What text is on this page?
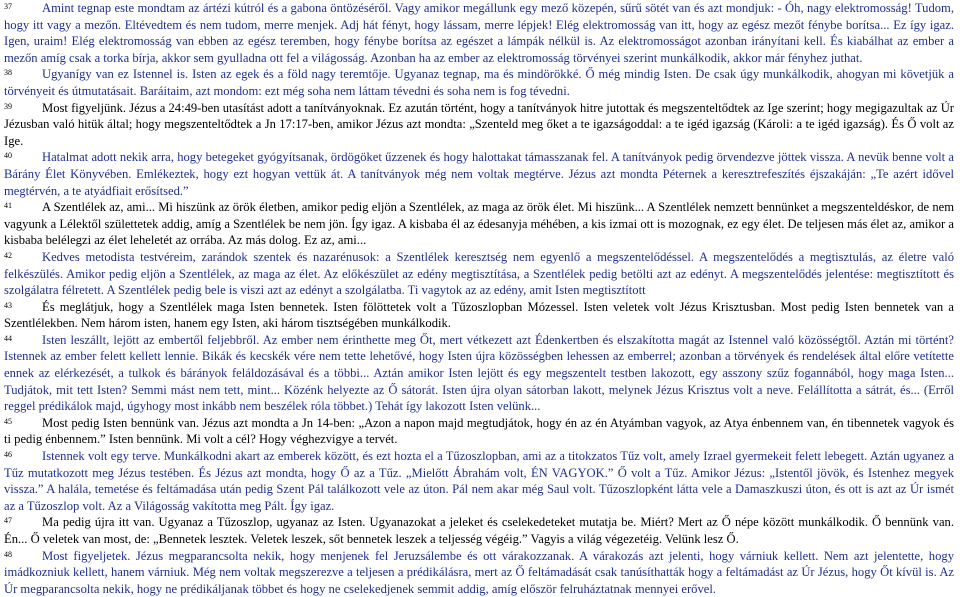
37 Amint tegnap este mondtam az ártézi kútról és a gabona öntözéséről. Vagy amikor megállunk egy mező közepén, sűrű sötét van és azt mondjuk: - Óh, nagy elektromosság! Tudom, hogy itt vagy a mezőn. Eltévedtem és nem tudom, merre menjek. Adj hát fényt, hogy lássam, merre lépjek! Elég elektromosság van itt, hogy az egész mezőt fénybe borítsa... Ez így igaz. Igen, uraim! Elég elektromosság van ebben az egész teremben, hogy fénybe borítsa az egészet a lámpák nélkül is. Az elektromosságot azonban irányítani kell. És kiabálhat az ember a mezőn amíg csak a torka bírja, akkor sem gyulladna ott fel a világosság. Azonban ha az ember az elektromosság törvényei szerint munkálkodik, akkor már fényhez juthat.

38 Ugyanígy van ez Istennel is. Isten az egek és a föld nagy teremtője. Ugyanaz tegnap, ma és mindörökké. Ő még mindig Isten. De csak úgy munkálkodik, ahogyan mi követjük a törvényeit és útmutatásait. Baráitaim, azt mondom: ezt még soha nem láttam tévedni és soha nem is fog tévedni.

39 Most figyeljünk. Jézus a 24:49-ben utasítást adott a tanítványoknak. Ez azután történt, hogy a tanítványok hitre jutottak és megszenteltődtek az Ige szerint; hogy megigazultak az Úr Jézusban való hitük által; hogy megszenteltődtek a Jn 17:17-ben, amikor Jézus azt mondta: „Szenteld meg őket a te igazságoddal: a te igéd igazság (Károli: a te igéd igazság). És Ő volt az Ige.

40 Hatalmat adott nekik arra, hogy betegeket gyógyítsanak, ördögöket űzzenek és hogy halottakat támasszanak fel. A tanítványok pedig örvendezve jöttek vissza. A nevük benne volt a Bárány Élet Könyvében. Emlékeztek, hogy ezt hogyan vettük át. A tanítványok még nem voltak megtérve. Jézus azt mondta Péternek a keresztrefeszítés éjszakáján: „Te azért idővel megtérvén, a te atyádfiait erősítsed.”

41 A Szentlélek az, ami... Mi hiszünk az örök életben, amikor pedig eljön a Szentlélek, az maga az örök élet. Mi hiszünk... A Szentlélek nemzett bennünket a megszenteldéskor, de nem vagyunk a Lélektől születtetek addig, amíg a Szentlélek be nem jön. Így igaz. A kisbaba él az édesanyja méhében, a kis izmai ott is mozognak, ez egy élet. De teljesen más élet az, amikor a kisbaba belélegzi az élet leheletét az orrába. Az más dolog. Ez az, ami...

42 Kedves metodista testvéreim, zarándok szentek és nazarénusok: a Szentlélek keresztség nem egyenlő a megszentelődéssel. A megszentelődés a megtisztulás, az életre való felkészülés. Amikor pedig eljön a Szentlélek, az maga az élet. Az előkészület az edény megtisztítása, a Szentlélek pedig betölti azt az edényt. A megszentelődés jelentése: megtisztított és szolgálatra félretett. A Szentlélek pedig bele is viszi azt az edényt a szolgálatba. Ti vagytok az az edény, amit Isten megtisztított

43 És meglátjuk, hogy a Szentlélek maga Isten bennetek. Isten fölöttetek volt a Tűzoszlopban Mózessel. Isten veletek volt Jézus Krisztusban. Most pedig Isten bennetek van a Szentlélekben. Nem három isten, hanem egy Isten, aki három tisztségében munkálkodik.

44 Isten leszállt, lejött az embertől feljebbről. Az ember nem érinthette meg Őt, mert vétkezett azt Édenkertben és elszakította magát az Istennel való közösségtől. Aztán mi történt? Istennek az ember felett kellett lennie. Bikák és kecskék vére nem tette lehetővé, hogy Isten újra közösségben lehessen az emberrel; azonban a törvények és rendelések által előre vetítette ennek az elérkezését, a tulkok és bárányok feláldozásával és a többi... Aztán amikor Isten lejött és egy megszentelt testben lakozott, egy asszony szűz fogannából, hogy maga Isten... Tudjátok, mit tett Isten? Semmi mást nem tett, mint... Közénk helyezte az Ő sátorát. Isten újra olyan sátorban lakott, melynek Jézus Krisztus volt a neve. Felállította a sátrát, és... (Erről reggel prédikálok majd, úgyhogy most inkább nem beszélek róla többet.) Tehát így lakozott Isten velünk...

45 Most pedig Isten bennünk van. Jézus azt mondta a Jn 14-ben: „Azon a napon majd megtudjátok, hogy én az én Atyámban vagyok, az Atya énbennem van, én tibennetek vagyok és ti pedig énbennem.” Isten bennünk. Mi volt a cél? Hogy véghezvigye a tervét.

46 Istennek volt egy terve. Munkálkodni akart az emberek között, és ezt hozta el a Tűzoszlopban, ami az a titokzatos Tűz volt, amely Izrael gyermekeit felett lebegett. Aztán ugyanez a Tűz mutatkozott meg Jézus testében. És Jézus azt mondta, hogy Ő az a Tűz. „Mielőtt Ábrahám volt, ÉN VAGYOK.” Ő volt a Tűz. Amikor Jézus: „Istentől jövök, és Istenhez megyek vissza.” A halála, temetése és feltámadása után pedig Szent Pál találkozott vele az úton. Pál nem akar még Saul volt. Tűzoszlopként látta vele a Damaszkuszi úton, és ott is azt az Úr ismét az a Tűzoszlop volt. Az a Világosság vakította meg Pált. Így igaz.

47 Ma pedig újra itt van. Ugyanaz a Tűzoszlop, ugyanaz az Isten. Ugyanazokat a jeleket és cselekedeteket mutatja be. Miért? Mert az Ő népe között munkálkodik. Ő bennünk van. Én... Ő veletek van most, de: „Bennetek lesztek. Veletek leszek, sőt bennetek leszek a teljesség végéig.” Vagyis a világ végezetéig. Velünk lesz Ő.

48 Most figyeljetek. Jézus megparancsolta nekik, hogy menjenek fel Jeruzsálembe és ott várakozzanak. A várakozás azt jelenti, hogy várniuk kellett. Nem azt jelentette, hogy imádkozniuk kellett, hanem várniuk. Még nem voltak megszerezve a teljesen a prédikálásra, mert az Ő feltámadását csak tanúsíthatták hogy a feltámadást az Úr Jézus, hogy Őt kívül is. Az Úr megparancsolta nekik, hogy ne prédikáljanak többet és hogy ne cselekedjenek semmit addig, amíg először felruháztatnak mennyei erővel.
